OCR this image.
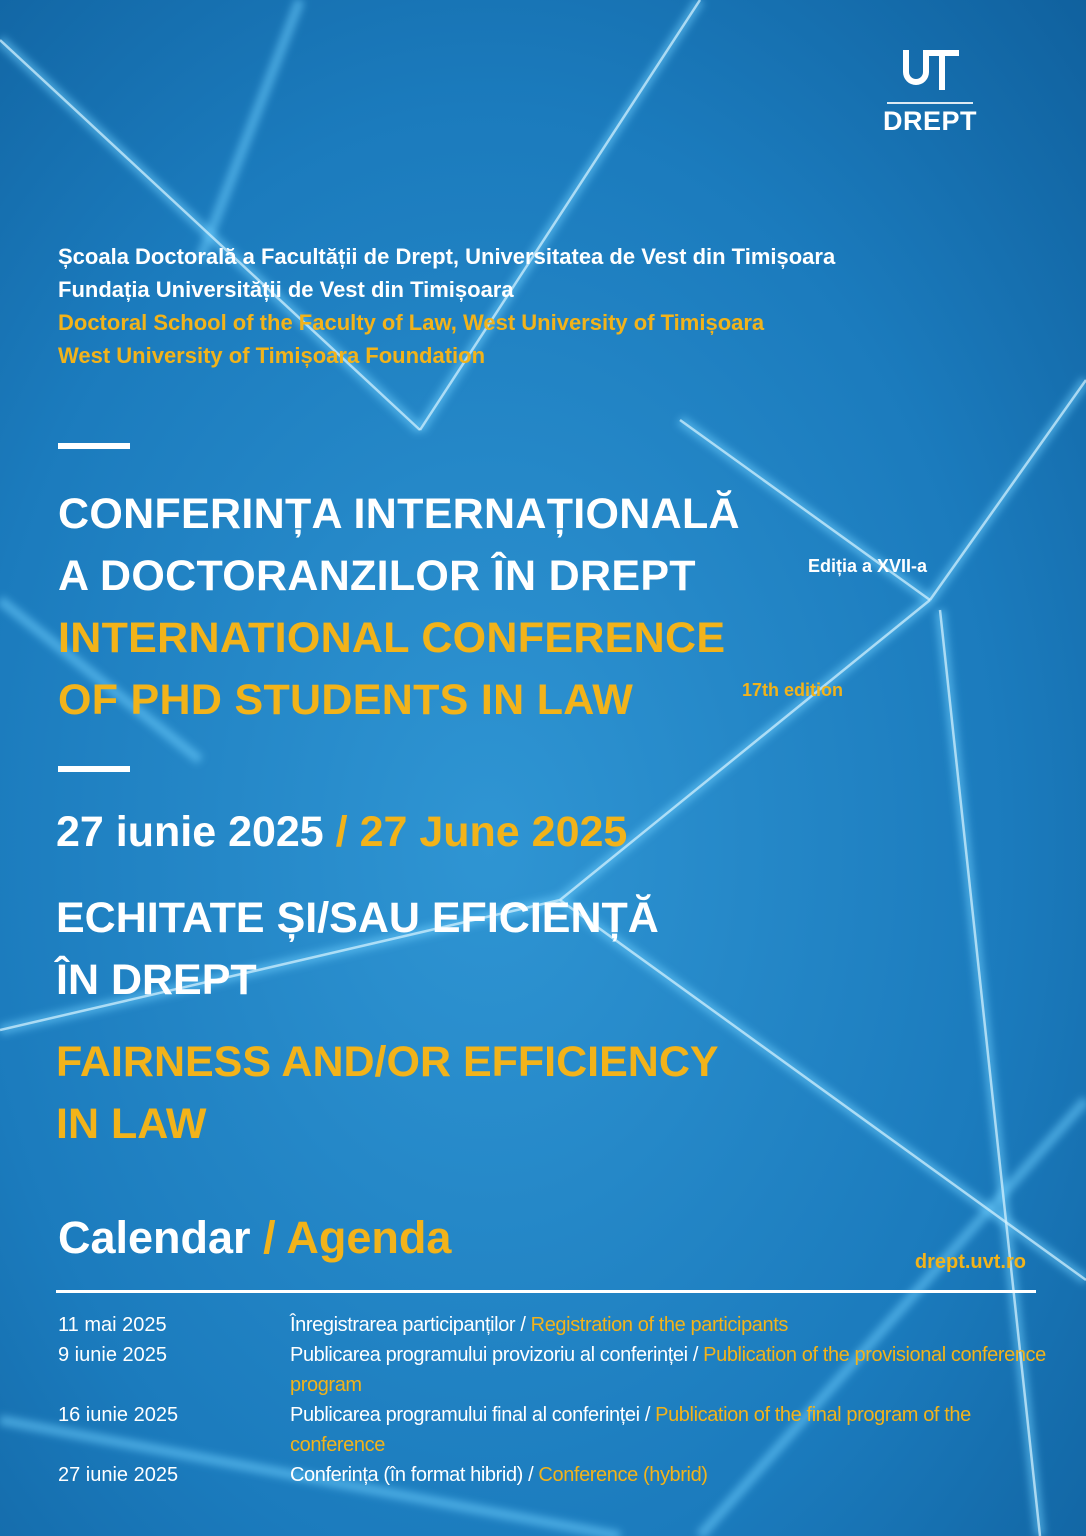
DREPT
Școala Doctorală a Facultății de Drept, Universitatea de Vest din Timișoara
Fundația Universității de Vest din Timișoara
Doctoral School of the Faculty of Law, West University of Timișoara
West University of Timișoara Foundation
CONFERINȚA INTERNAȚIONALĂ
A DOCTORANZILOR ÎN DREPT	Ediția a XVII-a
INTERNATIONAL CONFERENCE
OF PHD STUDENTS IN LAW	17th edition
27 iunie 2025 / 27 June 2025
ECHITATE ȘI/SAU EFICIENȚĂ
ÎN DREPT
FAIRNESS AND/OR EFFICIENCY
IN LAW
Calendar / Agenda	drept.uvt.ro
11 mai 2025	Înregistrarea participanților / Registration of the participants
9 iunie 2025	Publicarea programului provizoriu al conferinței / Publication of the provisional conference program
16 iunie 2025	Publicarea programului final al conferinței / Publication of the final program of the conference
27 iunie 2025	Conferința (în format hibrid) / Conference (hybrid)
